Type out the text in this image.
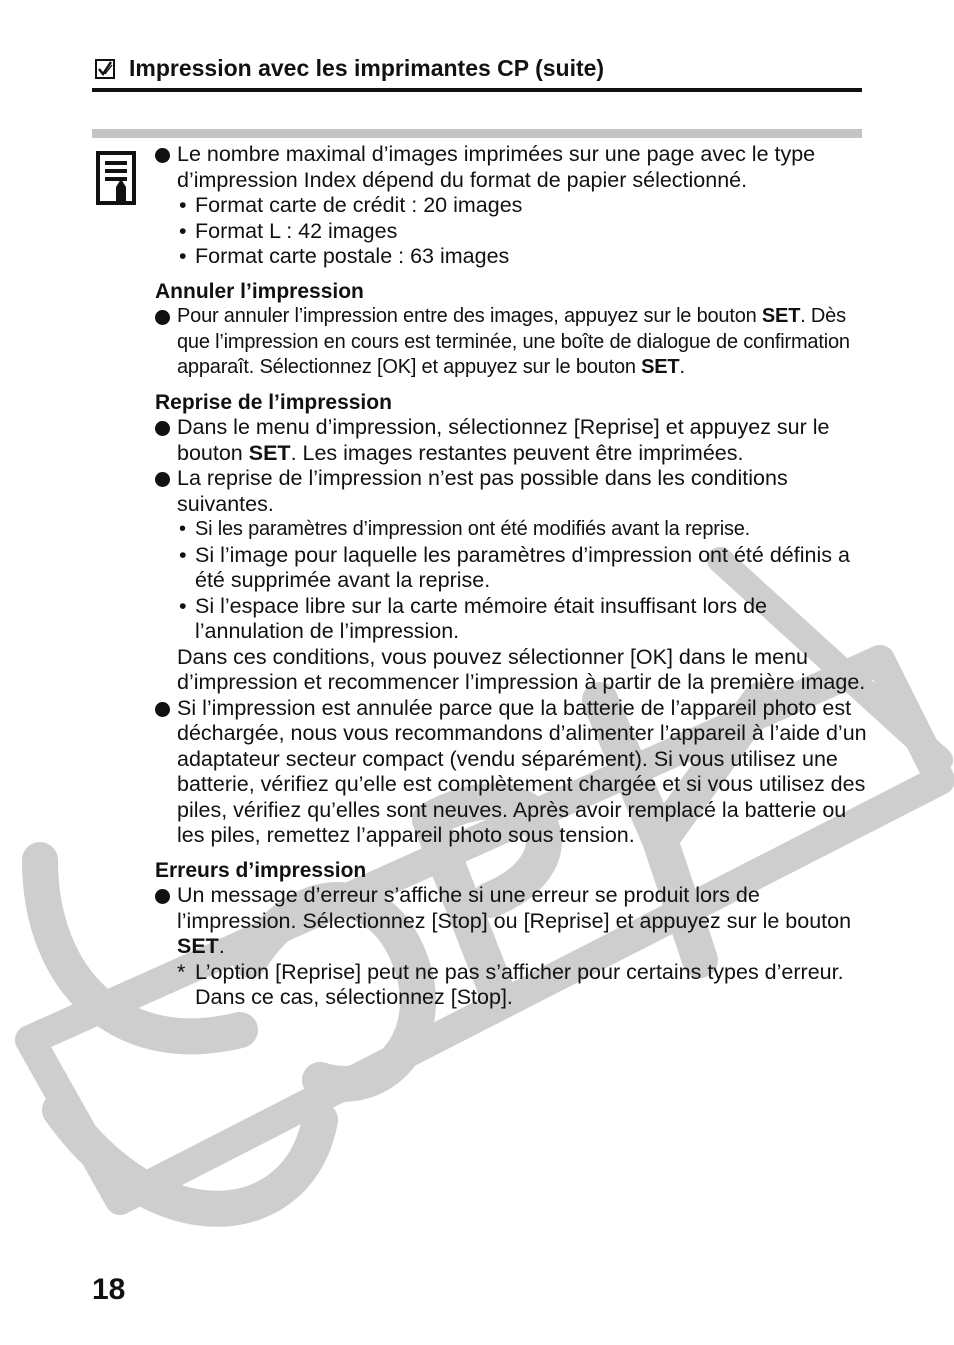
Impression avec les imprimantes CP (suite)
Le nombre maximal d’images imprimées sur une page avec le type d’impression Index dépend du format de papier sélectionné.
• Format carte de crédit : 20 images
• Format L : 42 images
• Format carte postale : 63 images
Annuler l’impression
Pour annuler l’impression entre des images, appuyez sur le bouton SET. Dès que l’impression en cours est terminée, une boîte de dialogue de confirmation apparaît. Sélectionnez [OK] et appuyez sur le bouton SET.
Reprise de l’impression
Dans le menu d’impression, sélectionnez [Reprise] et appuyez sur le bouton SET. Les images restantes peuvent être imprimées.
La reprise de l’impression n’est pas possible dans les conditions suivantes.
• Si les paramètres d’impression ont été modifiés avant la reprise.
• Si l’image pour laquelle les paramètres d’impression ont été définis a été supprimée avant la reprise.
• Si l’espace libre sur la carte mémoire était insuffisant lors de l’annulation de l’impression.
Dans ces conditions, vous pouvez sélectionner [OK] dans le menu d’impression et recommencer l’impression à partir de la première image.
Si l’impression est annulée parce que la batterie de l’appareil photo est déchargée, nous vous recommandons d’alimenter l’appareil à l’aide d’un adaptateur secteur compact (vendu séparément). Si vous utilisez une batterie, vérifiez qu’elle est complètement chargée et si vous utilisez des piles, vérifiez qu’elles sont neuves. Après avoir remplacé la batterie ou les piles, remettez l’appareil photo sous tension.
Erreurs d’impression
Un message d’erreur s’affiche si une erreur se produit lors de l’impression. Sélectionnez [Stop] ou [Reprise] et appuyez sur le bouton SET.
* L’option [Reprise] peut ne pas s’afficher pour certains types d’erreur. Dans ce cas, sélectionnez [Stop].
18
